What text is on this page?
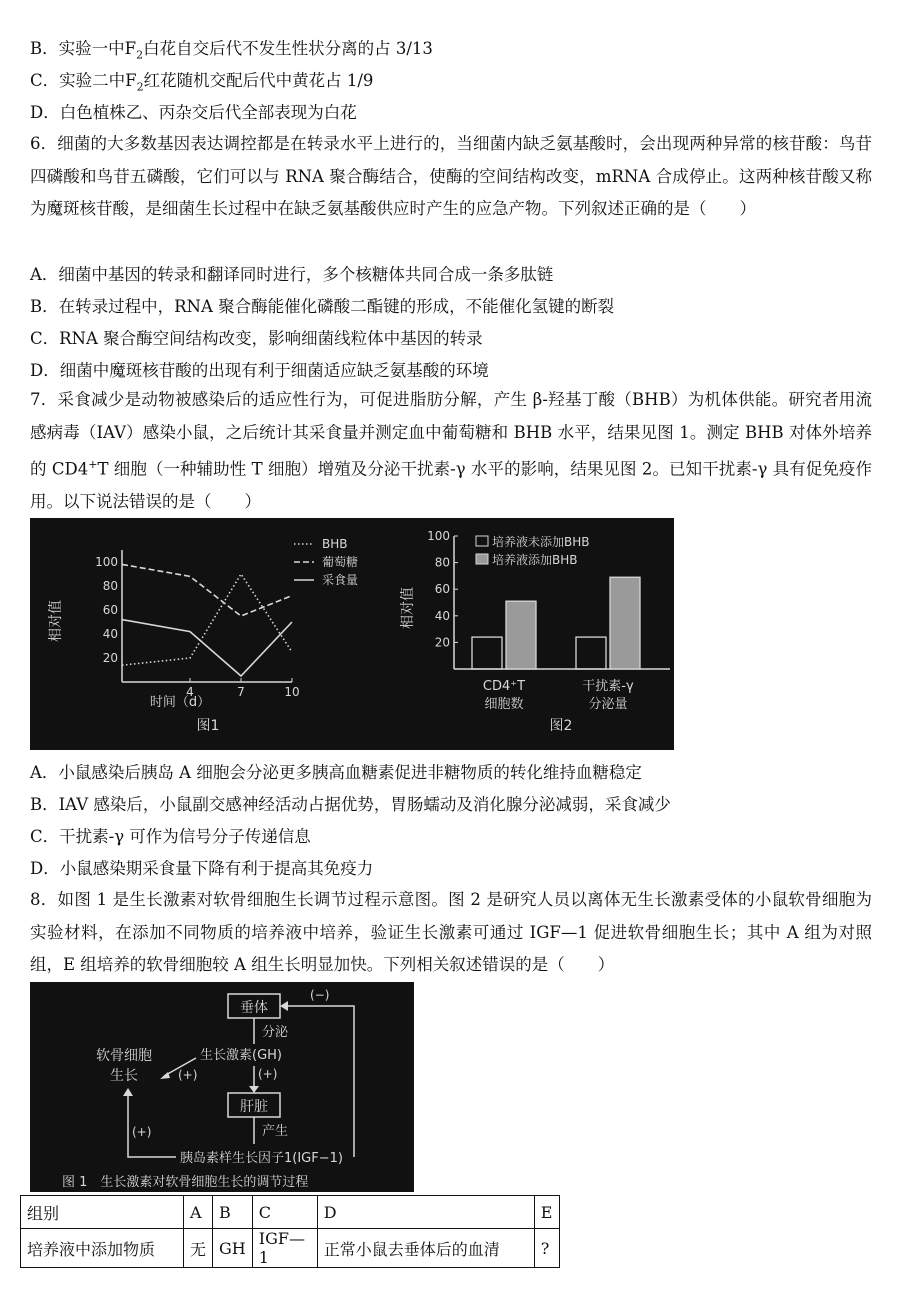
B．实验一中$F_2$白花自交后代不发生性状分离的占 3/13
C．实验二中$F_2$红花随机交配后代中黄花占 1/9
D．白色植株乙、丙杂交后代全部表现为白花
6．细菌的大多数基因表达调控都是在转录水平上进行的，当细菌内缺乏氨基酸时，会出现两种异常的核苷酸：鸟苷四磷酸和鸟苷五磷酸，它们可以与 RNA 聚合酶结合，使酶的空间结构改变，mRNA 合成停止。这两种核苷酸又称为魔斑核苷酸，是细菌生长过程中在缺乏氨基酸供应时产生的应急产物。下列叙述正确的是（　　）
A．细菌中基因的转录和翻译同时进行，多个核糖体共同合成一条多肽链
B．在转录过程中，RNA 聚合酶能催化磷酸二酯键的形成，不能催化氢键的断裂
C．RNA 聚合酶空间结构改变，影响细菌线粒体中基因的转录
D．细菌中魔斑核苷酸的出现有利于细菌适应缺乏氨基酸的环境
7．采食减少是动物被感染后的适应性行为，可促进脂肪分解，产生 β-羟基丁酸（BHB）为机体供能。研究者用流感病毒（IAV）感染小鼠，之后统计其采食量并测定血中葡萄糖和 BHB 水平，结果见图 1。测定 BHB 对体外培养的 CD4+T 细胞（一种辅助性 T 细胞）增殖及分泌干扰素-γ 水平的影响，结果见图 2。已知干扰素-γ 具有促免疫作用。以下说法错误的是（　　）
相对值
20
40
60
80
100
4	7	10
时间（d）
图1
BHB
葡萄糖
采食量
相对值
20
40
60
80
100
CD4⁺T
细胞数
干扰素-γ
分泌量
图2
培养液未添加BHB
培养液添加BHB
A．小鼠感染后胰岛 A 细胞会分泌更多胰高血糖素促进非糖物质的转化维持血糖稳定
B．IAV 感染后，小鼠副交感神经活动占据优势，胃肠蠕动及消化腺分泌减弱，采食减少
C．干扰素-γ 可作为信号分子传递信息
D．小鼠感染期采食量下降有利于提高其免疫力
8．如图 1 是生长激素对软骨细胞生长调节过程示意图。图 2 是研究人员以离体无生长激素受体的小鼠软骨细胞为实验材料，在添加不同物质的培养液中培养，验证生长激素可通过 IGF—1 促进软骨细胞生长；其中 A 组为对照组，E 组培养的软骨细胞较 A 组生长明显加快。下列相关叙述错误的是（　　）
垂体
分泌
生长激素(GH)
(+)
软骨细胞
生长	(+)
肝脏
产生
胰岛素样生长因子1(IGF−1)
(+)
(−)
图 1　生长激素对软骨细胞生长的调节过程
组别	A	B	C	D	E
培养液中添加物质	无	GH	IGF—1	正常小鼠去垂体后的血清	?
